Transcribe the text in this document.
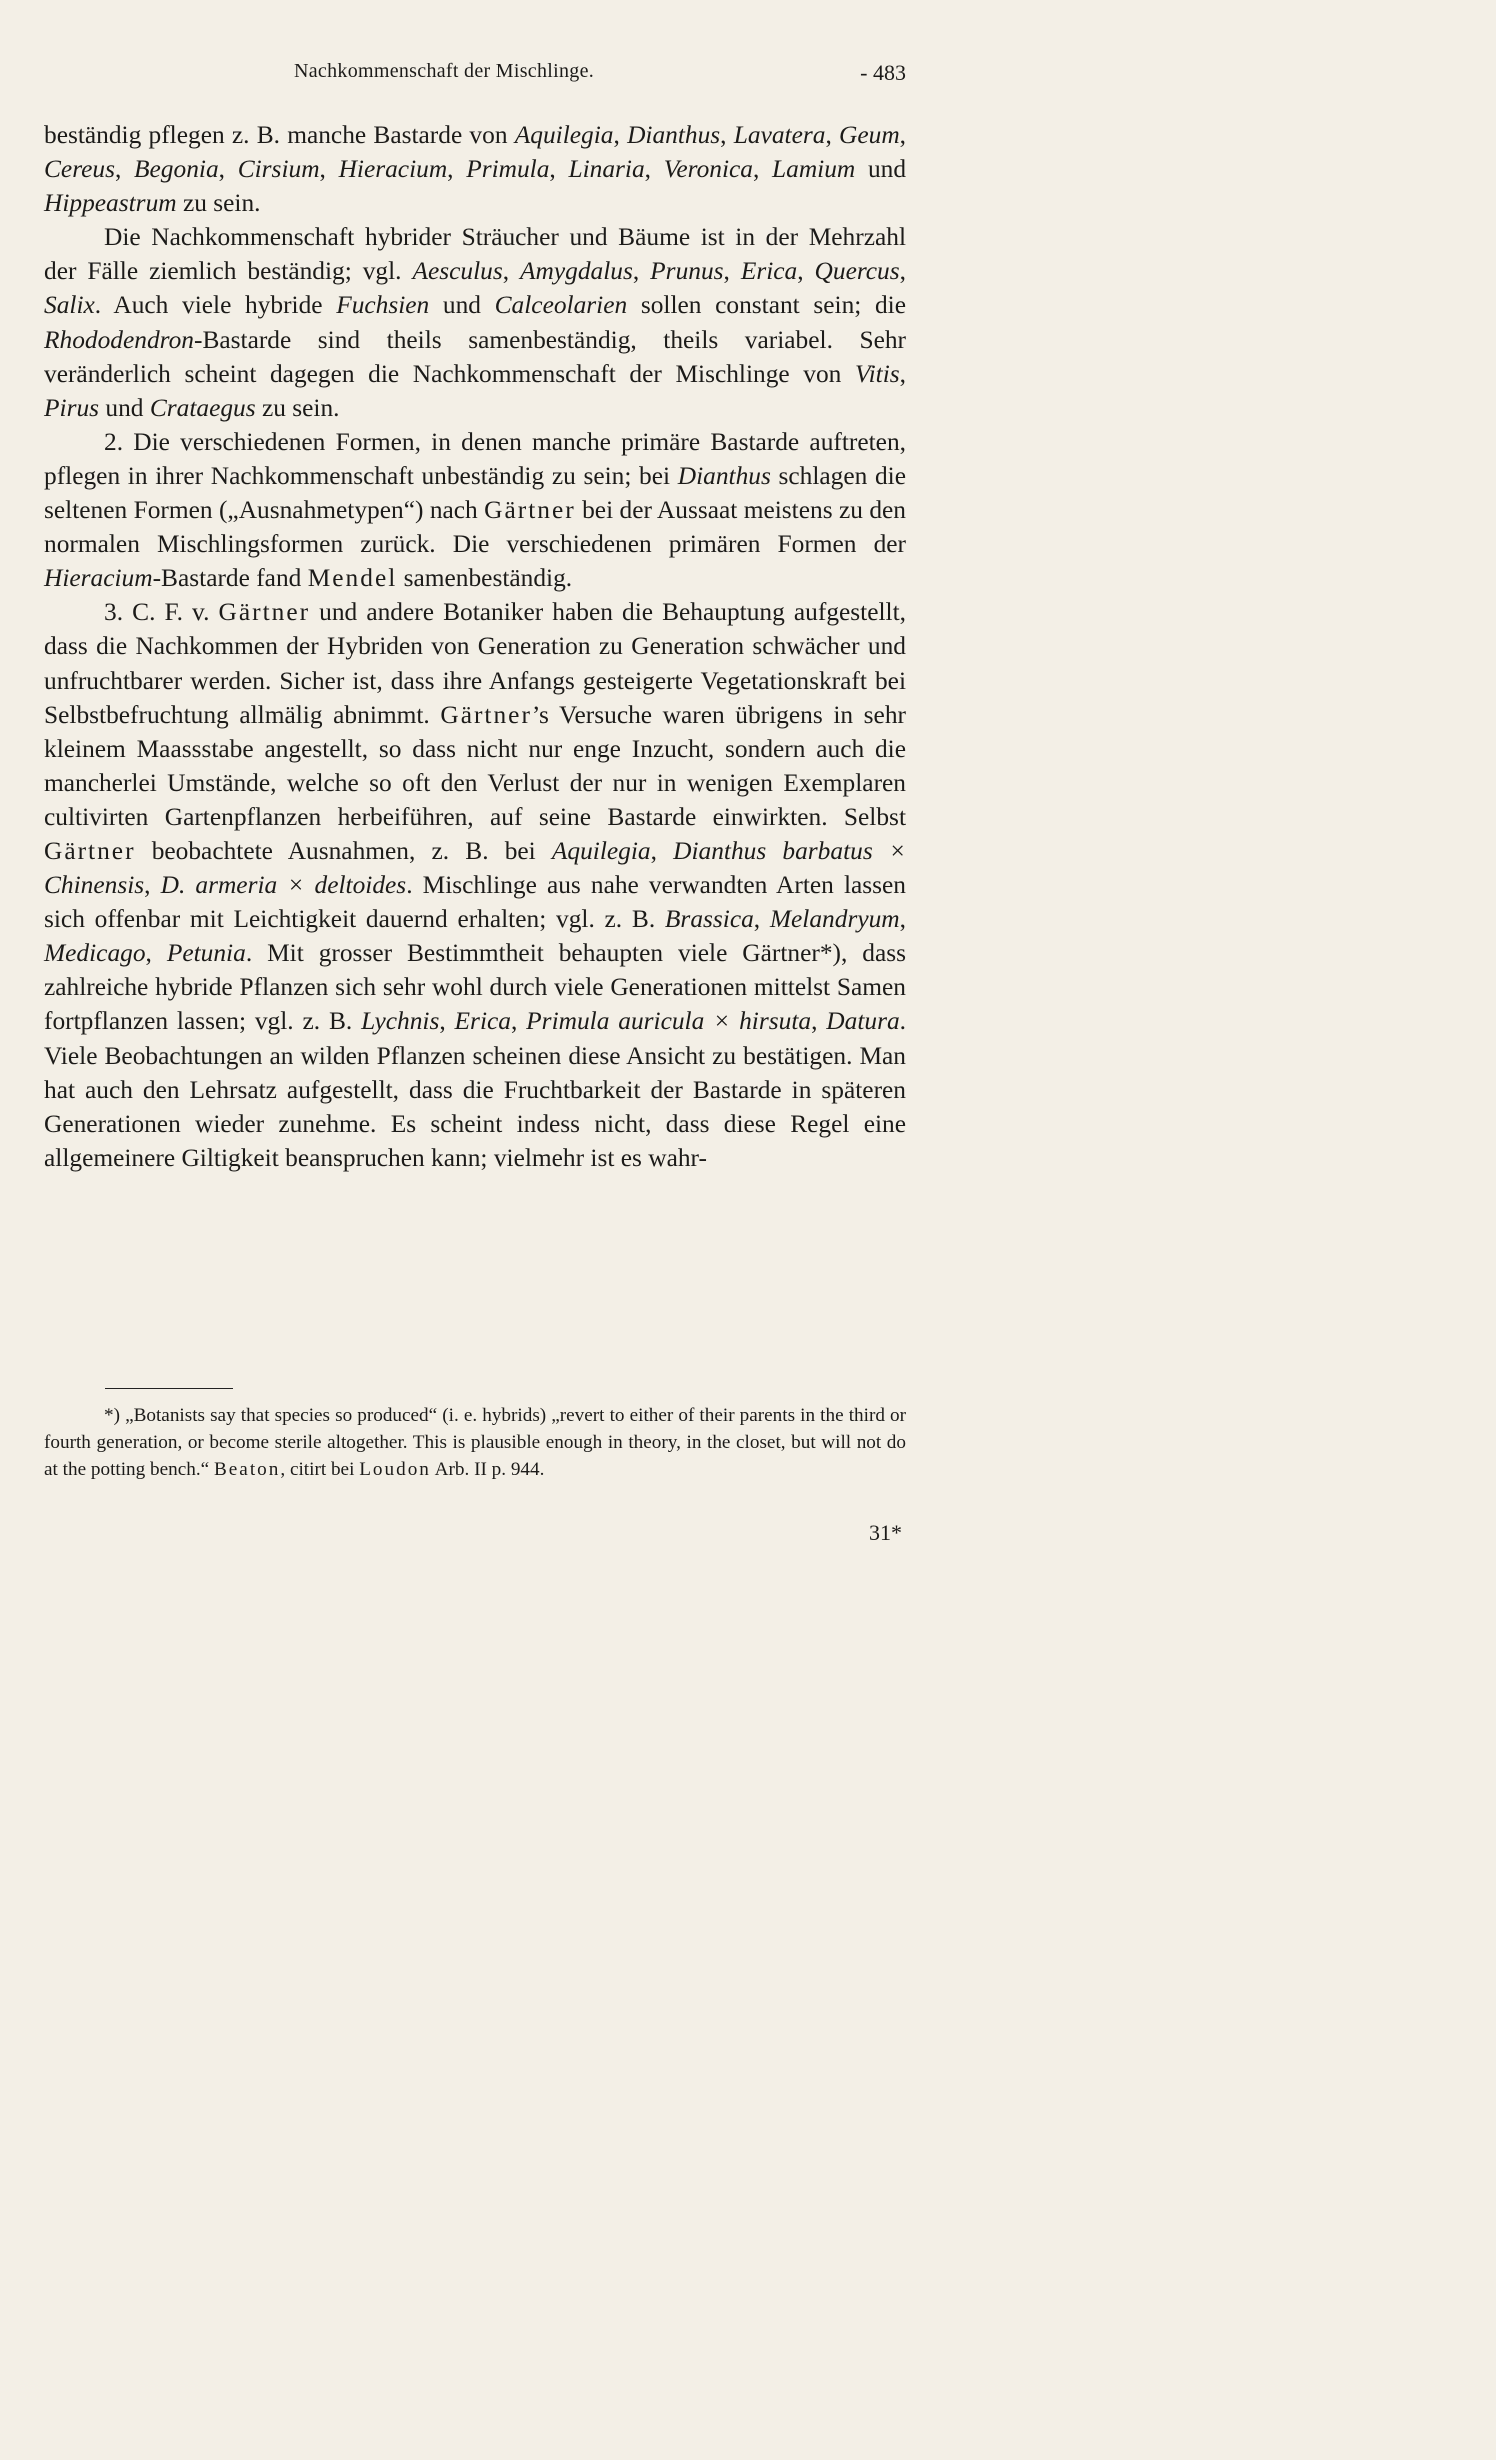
Nachkommenschaft der Mischlinge.	- 483

beständig pflegen z. B. manche Bastarde von Aquilegia, Dianthus, Lavatera, Geum, Cereus, Begonia, Cirsium, Hieracium, Primula, Linaria, Veronica, Lamium und Hippeastrum zu sein.

Die Nachkommenschaft hybrider Sträucher und Bäume ist in der Mehrzahl der Fälle ziemlich beständig; vgl. Aesculus, Amygdalus, Prunus, Erica, Quercus, Salix. Auch viele hybride Fuchsien und Calceolarien sollen constant sein; die Rhododendron-Bastarde sind theils samenbeständig, theils variabel. Sehr veränderlich scheint dagegen die Nachkommenschaft der Mischlinge von Vitis, Pirus und Crataegus zu sein.

2. Die verschiedenen Formen, in denen manche primäre Bastarde auftreten, pflegen in ihrer Nachkommenschaft unbeständig zu sein; bei Dianthus schlagen die seltenen Formen („Ausnahmetypen“) nach Gärtner bei der Aussaat meistens zu den normalen Mischlingsformen zurück. Die verschiedenen primären Formen der Hieracium-Bastarde fand Mendel samenbeständig.

3. C. F. v. Gärtner und andere Botaniker haben die Behauptung aufgestellt, dass die Nachkommen der Hybriden von Generation zu Generation schwächer und unfruchtbarer werden. Sicher ist, dass ihre Anfangs gesteigerte Vegetationskraft bei Selbstbefruchtung allmälig abnimmt. Gärtner’s Versuche waren übrigens in sehr kleinem Maassstabe angestellt, so dass nicht nur enge Inzucht, sondern auch die mancherlei Umstände, welche so oft den Verlust der nur in wenigen Exemplaren cultivirten Gartenpflanzen herbeiführen, auf seine Bastarde einwirkten. Selbst Gärtner beobachtete Ausnahmen, z. B. bei Aquilegia, Dianthus barbatus × Chinensis, D. armeria × deltoides. Mischlinge aus nahe verwandten Arten lassen sich offenbar mit Leichtigkeit dauernd erhalten; vgl. z. B. Brassica, Melandryum, Medicago, Petunia. Mit grosser Bestimmtheit behaupten viele Gärtner*), dass zahlreiche hybride Pflanzen sich sehr wohl durch viele Generationen mittelst Samen fortpflanzen lassen; vgl. z. B. Lychnis, Erica, Primula auricula × hirsuta, Datura. Viele Beobachtungen an wilden Pflanzen scheinen diese Ansicht zu bestätigen. Man hat auch den Lehrsatz aufgestellt, dass die Fruchtbarkeit der Bastarde in späteren Generationen wieder zunehme. Es scheint indess nicht, dass diese Regel eine allgemeinere Giltigkeit beanspruchen kann; vielmehr ist es wahr-

*) „Botanists say that species so produced“ (i. e. hybrids) „revert to either of their parents in the third or fourth generation, or become sterile altogether. This is plausible enough in theory, in the closet, but will not do at the potting bench.“ Beaton, citirt bei Loudon Arb. II p. 944.
31*
